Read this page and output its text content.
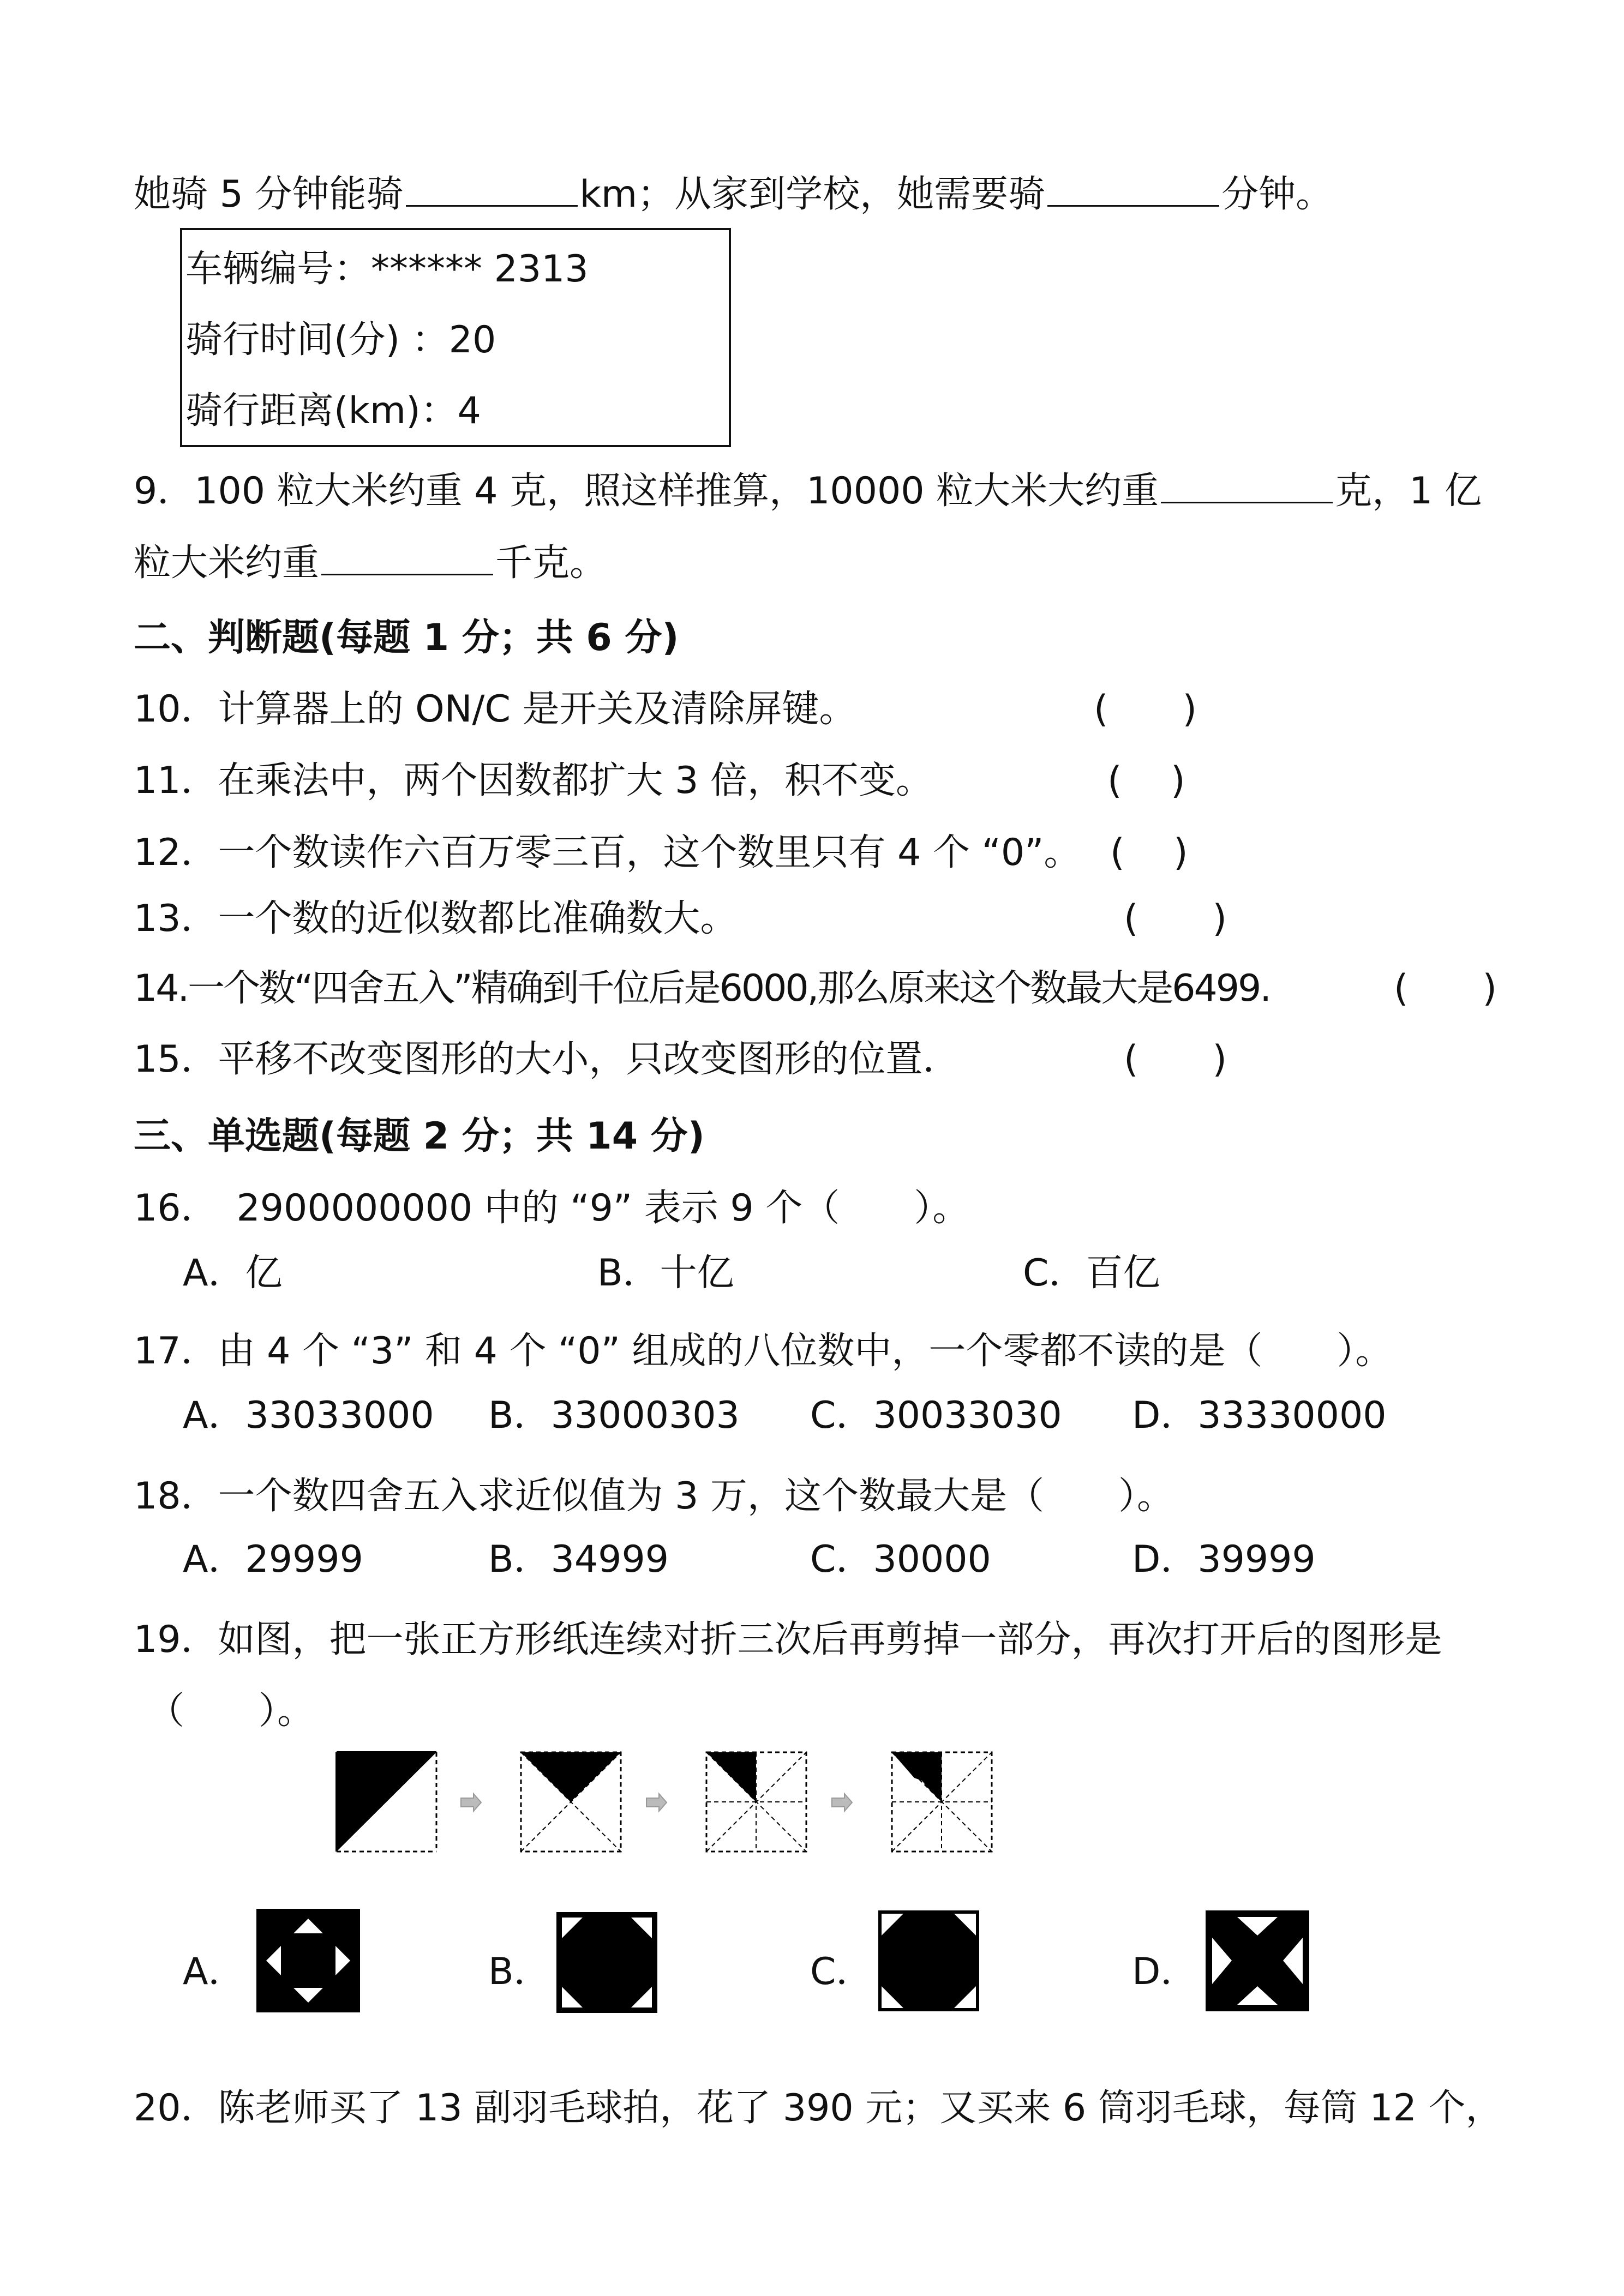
她骑 5 分钟能骑	km；从家到学校，她需要骑	分钟。
车辆编号：****** 2313
骑行时间(分) ：20
骑行距离(km)：4
9．100 粒大米约重 4 克，照这样推算，10000 粒大米大约重	克，1 亿
粒大米约重	千克。
二、判断题(每题 1 分；共 6 分)
10．计算器上的 ON/C 是开关及清除屏键。	(　　)
11．在乘法中，两个因数都扩大 3 倍，积不变。	(　 )
12．一个数读作六百万零三百，这个数里只有 4 个 “0”。 (　 )
13．一个数的近似数都比准确数大。	(　　)
14.一个数“四舍五入”精确到千位后是6000,那么原来这个数最大是6499.	(　　)
15．平移不改变图形的大小，只改变图形的位置．	(　　)
三、单选题(每题 2 分；共 14 分)
16．　2900000000 中的 “9” 表示 9 个（　　）。
A．亿	B．十亿	C．百亿
17．由 4 个 “3” 和 4 个 “0” 组成的八位数中，一个零都不读的是（　　）。
A．33033000 B．33000303 C．30033030 D．33330000
18．一个数四舍五入求近似值为 3 万，这个数最大是（　　）。
A．29999	B．34999	C．30000	D．39999
19．如图，把一张正方形纸连续对折三次后再剪掉一部分，再次打开后的图形是
（　　）。
A．	B．	C．	D．
20．陈老师买了 13 副羽毛球拍，花了 390 元；又买来 6 筒羽毛球，每筒 12 个，
